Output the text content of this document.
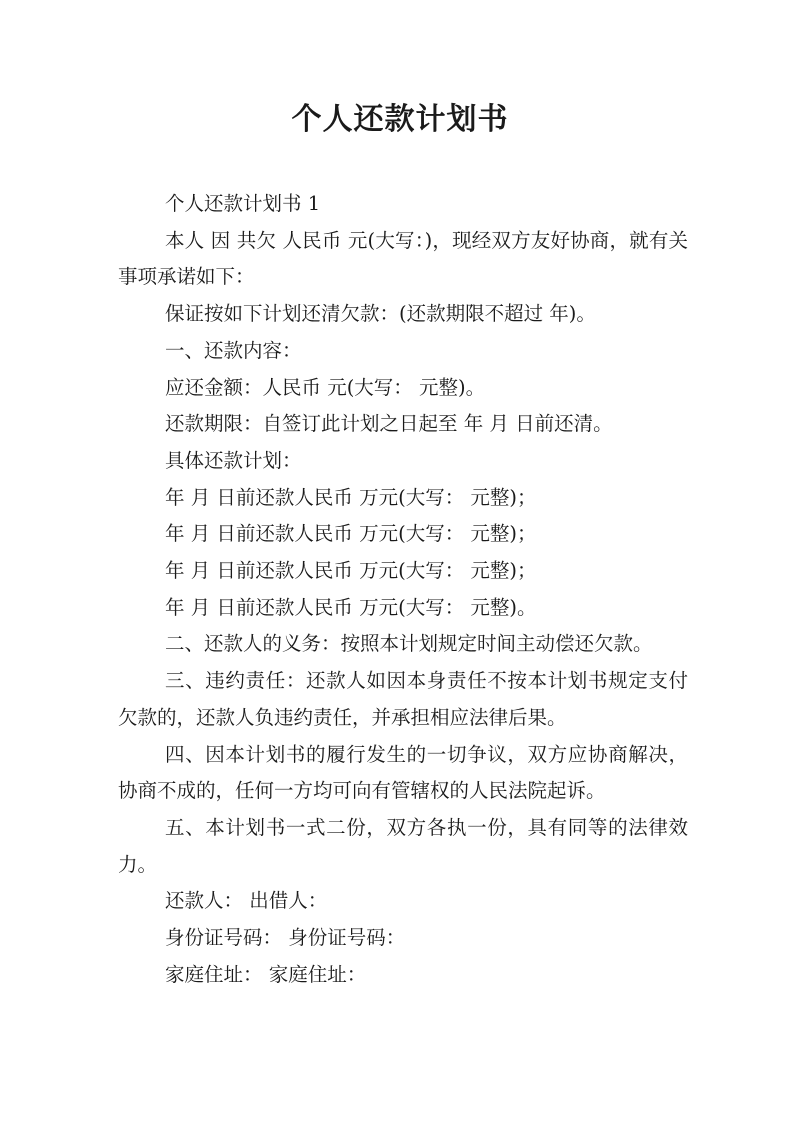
个人还款计划书

个人还款计划书 1

本人 因 共欠 人民币 元(大写：)，现经双方友好协商，就有关事项承诺如下：

保证按如下计划还清欠款：(还款期限不超过 年)。

一、还款内容：

应还金额：人民币 元(大写： 元整)。

还款期限：自签订此计划之日起至 年 月 日前还清。

具体还款计划：

年 月 日前还款人民币 万元(大写： 元整)；

年 月 日前还款人民币 万元(大写： 元整)；

年 月 日前还款人民币 万元(大写： 元整)；

年 月 日前还款人民币 万元(大写： 元整)。

二、还款人的义务：按照本计划规定时间主动偿还欠款。

三、违约责任：还款人如因本身责任不按本计划书规定支付欠款的，还款人负违约责任，并承担相应法律后果。

四、因本计划书的履行发生的一切争议，双方应协商解决，协商不成的，任何一方均可向有管辖权的人民法院起诉。

五、本计划书一式二份，双方各执一份，具有同等的法律效力。

还款人： 出借人：

身份证号码： 身份证号码：

家庭住址： 家庭住址：
